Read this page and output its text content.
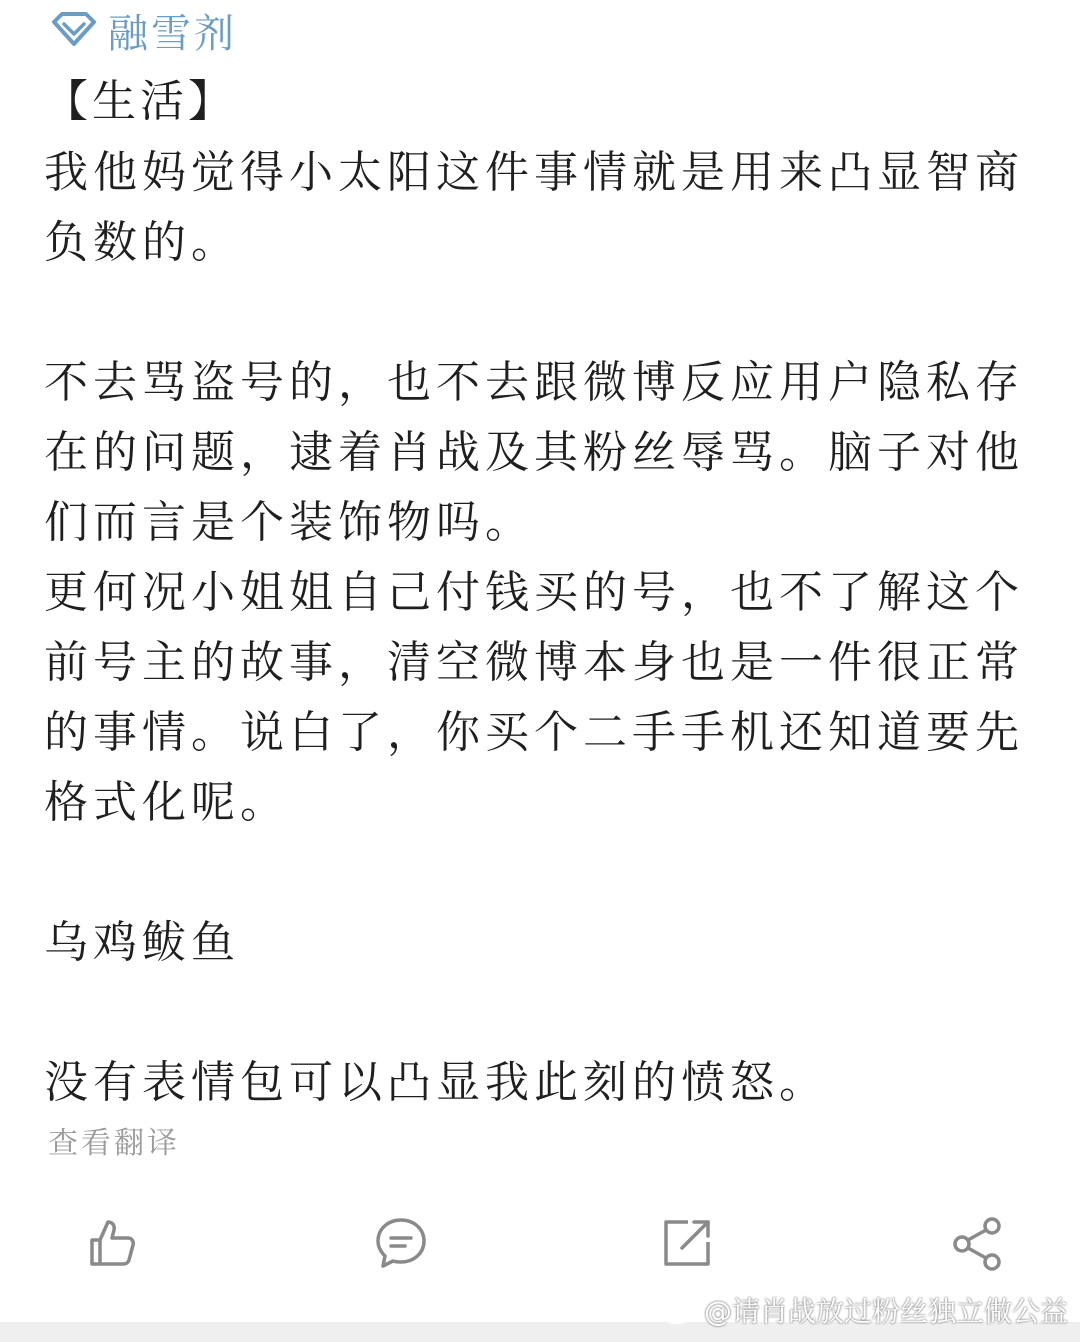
融雪剂
【生活】

我他妈觉得小太阳这件事情就是用来凸显智商负数的。

不去骂盗号的，也不去跟微博反应用户隐私存在的问题，逮着肖战及其粉丝辱骂。脑子对他们而言是个装饰物吗。

更何况小姐姐自己付钱买的号，也不了解这个前号主的故事，清空微博本身也是一件很正常的事情。说白了，你买个二手手机还知道要先格式化呢。

乌鸡鲅鱼

没有表情包可以凸显我此刻的愤怒。

查看翻译
@请肖战放过粉丝独立做公益
